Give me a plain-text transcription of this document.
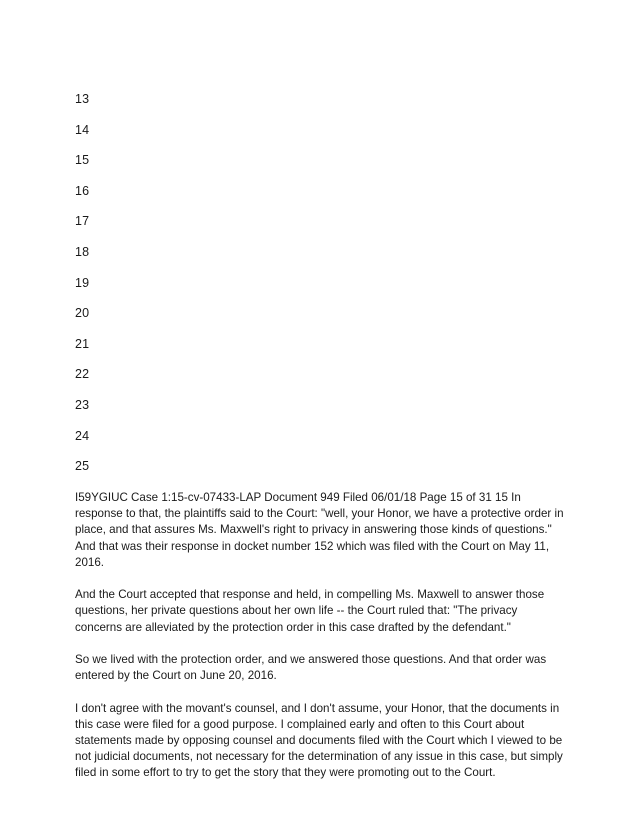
13
14
15
16
17
18
19
20
21
22
23
24
25

I59YGIUC Case 1:15-cv-07433-LAP Document 949 Filed 06/01/18 Page 15 of 31 15 In response to that, the plaintiffs said to the Court: "well, your Honor, we have a protective order in place, and that assures Ms. Maxwell's right to privacy in answering those kinds of questions." And that was their response in docket number 152 which was filed with the Court on May 11, 2016.

And the Court accepted that response and held, in compelling Ms. Maxwell to answer those questions, her private questions about her own life -- the Court ruled that: "The privacy concerns are alleviated by the protection order in this case drafted by the defendant."

So we lived with the protection order, and we answered those questions. And that order was entered by the Court on June 20, 2016.

I don't agree with the movant's counsel, and I don't assume, your Honor, that the documents in this case were filed for a good purpose. I complained early and often to this Court about statements made by opposing counsel and documents filed with the Court which I viewed to be not judicial documents, not necessary for the determination of any issue in this case, but simply filed in some effort to try to get the story that they were promoting out to the Court.
